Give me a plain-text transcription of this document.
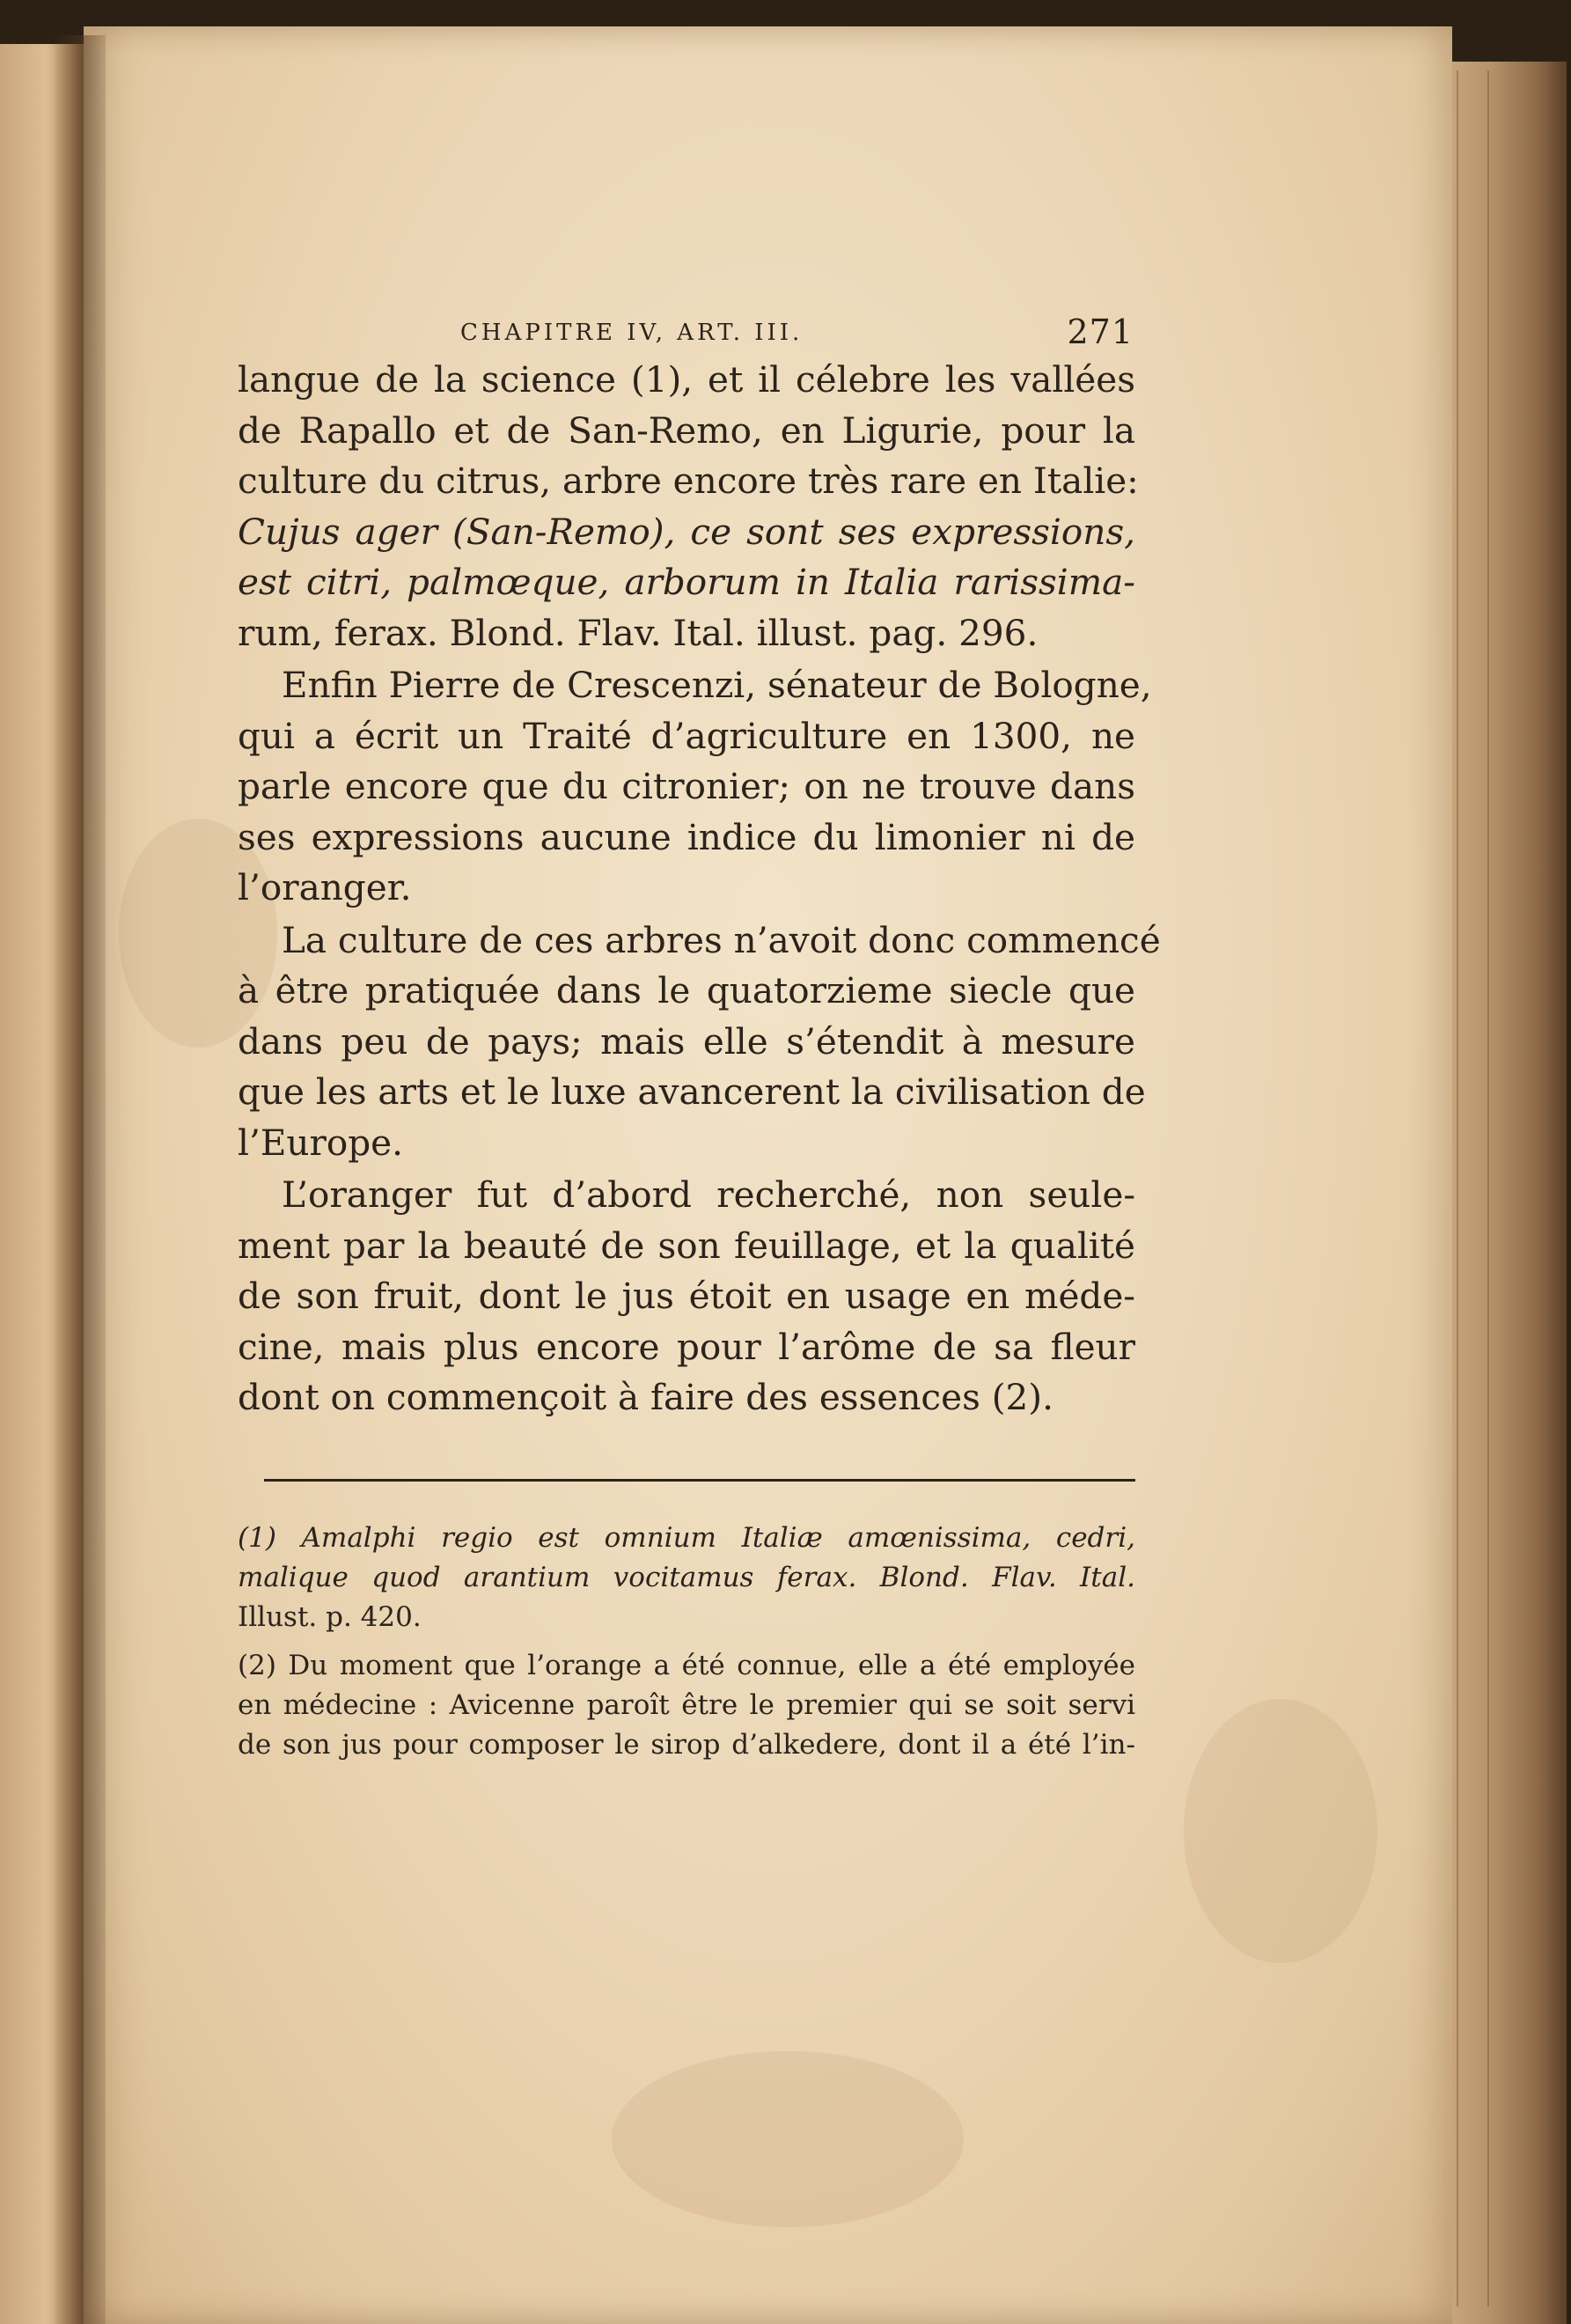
CHAPITRE IV, ART. III.	271
langue de la science (1), et il célebre les vallées
de Rapallo et de San-Remo, en Ligurie, pour la
culture du citrus, arbre encore très rare en Italie:
Cujus ager (San-Remo), ce sont ses expressions,
est citri, palmœque, arborum in Italia rarissima-
rum, ferax. Blond. Flav. Ital. illust. pag. 296.
Enfin Pierre de Crescenzi, sénateur de Bologne,
qui a écrit un Traité d’agriculture en 1300, ne
parle encore que du citronier; on ne trouve dans
ses expressions aucune indice du limonier ni de
l’oranger.
La culture de ces arbres n’avoit donc commencé
à être pratiquée dans le quatorzieme siecle que
dans peu de pays; mais elle s’étendit à mesure
que les arts et le luxe avancerent la civilisation de
l’Europe.
L’oranger fut d’abord recherché, non seule-
ment par la beauté de son feuillage, et la qualité
de son fruit, dont le jus étoit en usage en méde-
cine, mais plus encore pour l’arôme de sa fleur
dont on commençoit à faire des essences (2).
(1) Amalphi regio est omnium Italiæ amœnissima, cedri,
malique quod arantium vocitamus ferax. Blond. Flav. Ital.
Illust. p. 420.
(2) Du moment que l’orange a été connue, elle a été employée
en médecine : Avicenne paroît être le premier qui se soit servi
de son jus pour composer le sirop d’alkedere, dont il a été l’in-
